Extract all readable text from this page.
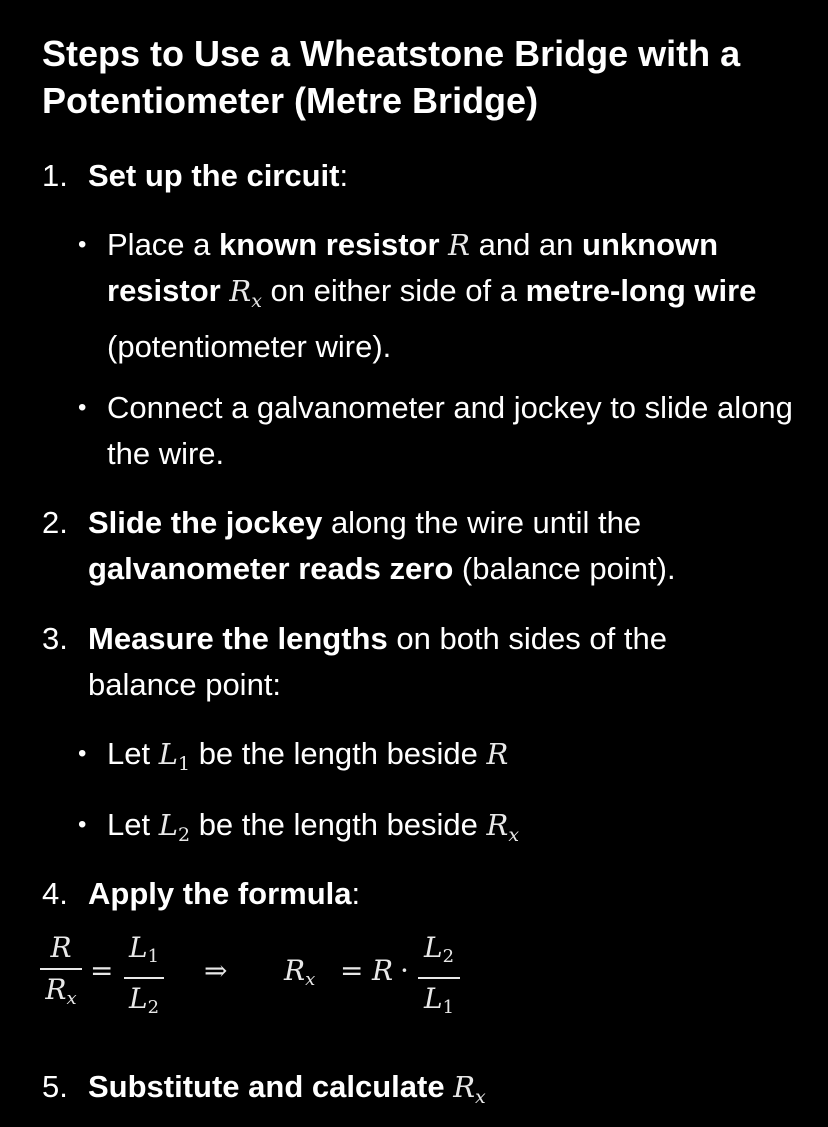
Steps to Use a Wheatstone Bridge with a Potentiometer (Metre Bridge)
1. Set up the circuit:
• Place a known resistor R and an unknown resistor $R_x$ on either side of a metre-long wire (potentiometer wire).
• Connect a galvanometer and jockey to slide along the wire.
2. Slide the jockey along the wire until the galvanometer reads zero (balance point).
3. Measure the lengths on both sides of the balance point:
• Let $L_1$ be the length beside R
• Let $L_2$ be the length beside $R_x$
4. Apply the formula:
R
$R_x$
=
$L_1$
$L_2$
⇒ $R_x = R$ ·
$L_2$
$L_1$
5. Substitute and calculate $R_x$
